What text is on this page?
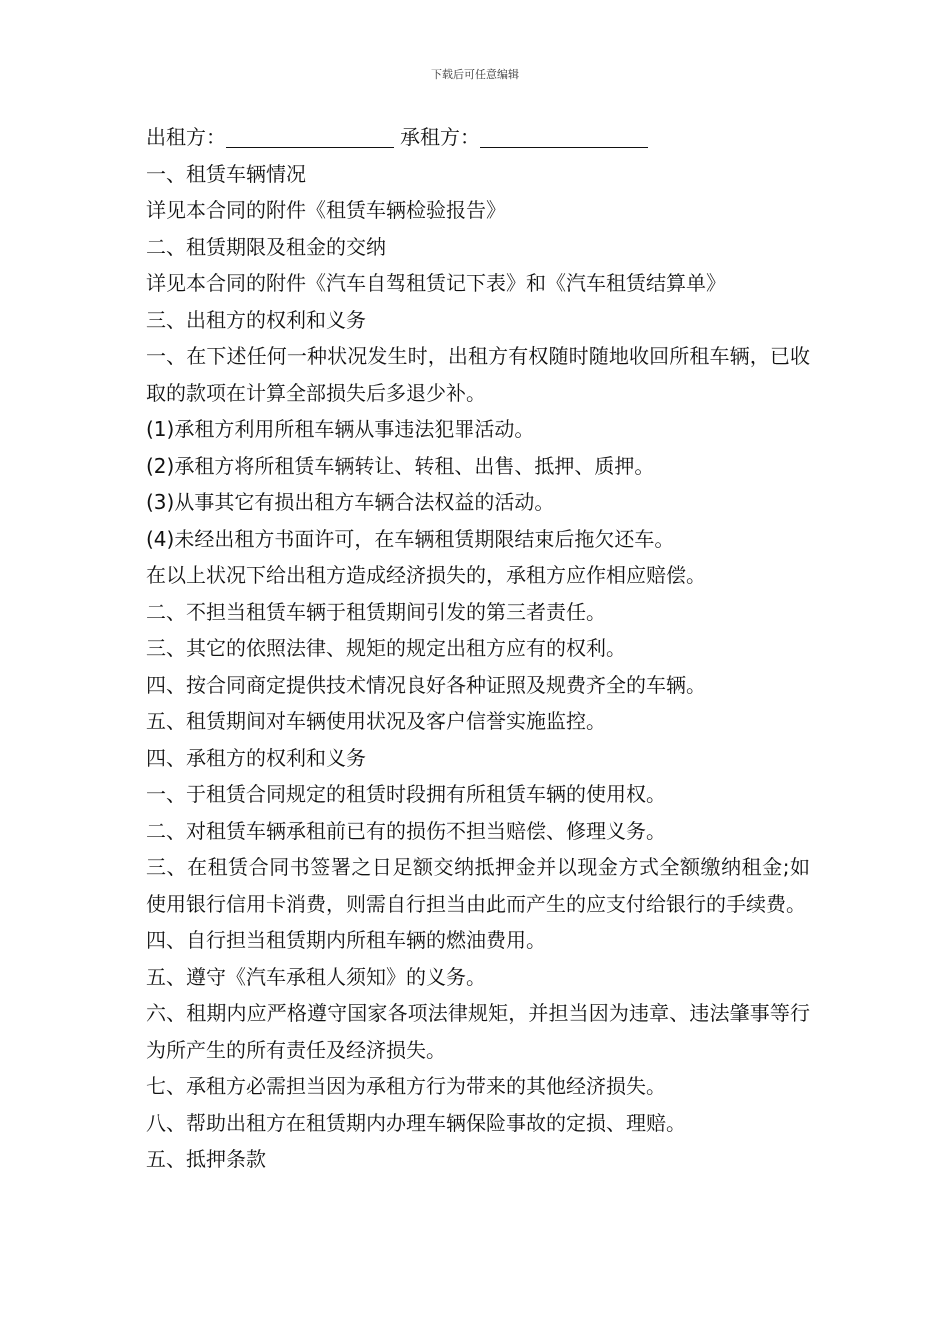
下载后可任意编辑
出租方：	承租方：
一、租赁车辆情况
详见本合同的附件《租赁车辆检验报告》
二、租赁期限及租金的交纳
详见本合同的附件《汽车自驾租赁记下表》和《汽车租赁结算单》
三、出租方的权利和义务
一、在下述任何一种状况发生时，出租方有权随时随地收回所租车辆，已收取的款项在计算全部损失后多退少补。
(1)承租方利用所租车辆从事违法犯罪活动。
(2)承租方将所租赁车辆转让、转租、出售、抵押、质押。
(3)从事其它有损出租方车辆合法权益的活动。
(4)未经出租方书面许可，在车辆租赁期限结束后拖欠还车。
在以上状况下给出租方造成经济损失的，承租方应作相应赔偿。
二、不担当租赁车辆于租赁期间引发的第三者责任。
三、其它的依照法律、规矩的规定出租方应有的权利。
四、按合同商定提供技术情况良好各种证照及规费齐全的车辆。
五、租赁期间对车辆使用状况及客户信誉实施监控。
四、承租方的权利和义务
一、于租赁合同规定的租赁时段拥有所租赁车辆的使用权。
二、对租赁车辆承租前已有的损伤不担当赔偿、修理义务。
三、在租赁合同书签署之日足额交纳抵押金并以现金方式全额缴纳租金;如使用银行信用卡消费，则需自行担当由此而产生的应支付给银行的手续费。
四、自行担当租赁期内所租车辆的燃油费用。
五、遵守《汽车承租人须知》的义务。
六、租期内应严格遵守国家各项法律规矩，并担当因为违章、违法肇事等行为所产生的所有责任及经济损失。
七、承租方必需担当因为承租方行为带来的其他经济损失。
八、帮助出租方在租赁期内办理车辆保险事故的定损、理赔。
五、抵押条款
